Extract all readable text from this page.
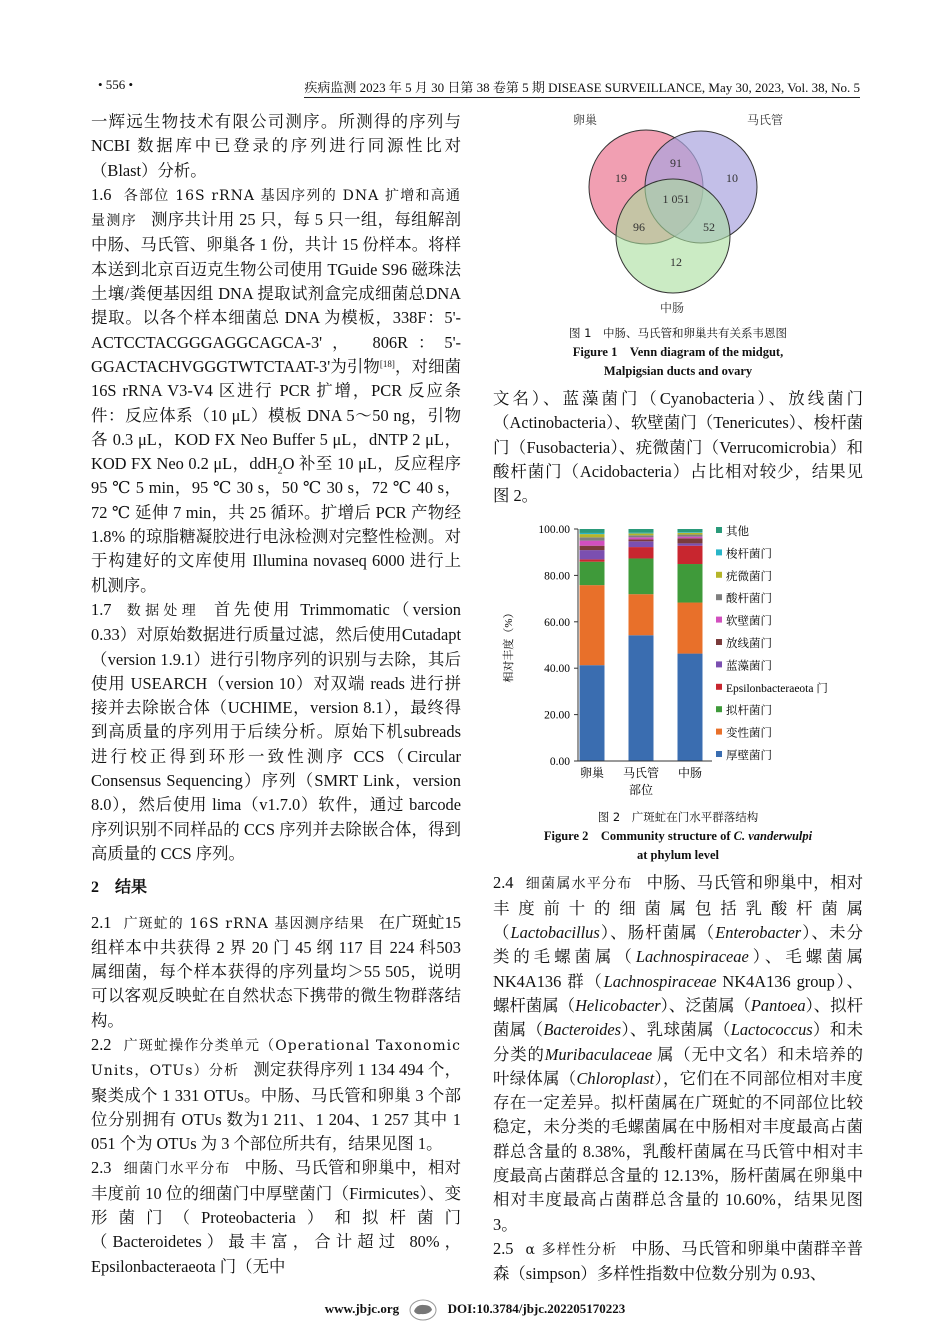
• 556 •	疾病监测 2023 年 5 月 30 日第 38 卷第 5 期 DISEASE SURVEILLANCE, May 30, 2023, Vol. 38, No. 5
一辉远生物技术有限公司测序。所测得的序列与NCBI 数据库中已登录的序列进行同源性比对（Blast）分析。
1.6 各部位 16S rRNA 基因序列的 DNA 扩增和高通量测序 测序共计用 25 只，每 5 只一组，每组解剖中肠、马氏管、卵巢各 1 份，共计 15 份样本。将样本送到北京百迈克生物公司使用 TGuide S96 磁珠法土壤/粪便基因组 DNA 提取试剂盒完成细菌总DNA 提取。以各个样本细菌总 DNA 为模板，338F：5'- ACTCCTACGGGAGGCAGCA-3'， 806R：5'-GGACTACHVGGGTWTCTAAT-3'为引物[18]，对细菌 16S rRNA V3-V4 区进行 PCR 扩增，PCR 反应条件：反应体系（10 μL）模板 DNA 5～50 ng，引物各 0.3 μL，KOD FX Neo Buffer 5 μL，dNTP 2 μL，KOD FX Neo 0.2 μL，ddH$_2$O 补至 10 μL，反应程序 95 ℃ 5 min，95 ℃ 30 s，50 ℃ 30 s，72 ℃ 40 s，72 ℃ 延伸 7 min，共 25 循环。扩增后 PCR 产物经 1.8% 的琼脂糖凝胶进行电泳检测对完整性检测。对于构建好的文库使用 Illumina novaseq 6000 进行上机测序。
1.7 数据处理 首先使用 Trimmomatic（version 0.33）对原始数据进行质量过滤，然后使用Cutadapt（version 1.9.1）进行引物序列的识别与去除，其后使用 USEARCH（version 10）对双端 reads 进行拼接并去除嵌合体（UCHIME，version 8.1），最终得到高质量的序列用于后续分析。原始下机subreads 进行校正得到环形一致性测序 CCS（Circular Consensus Sequencing）序列（SMRT Link，version 8.0），然后使用 lima（v1.7.0）软件，通过 barcode 序列识别不同样品的 CCS 序列并去除嵌合体，得到高质量的 CCS 序列。
2 结果
2.1 广斑虻的 16S rRNA 基因测序结果 在广斑虻15 组样本中共获得 2 界 20 门 45 纲 117 目 224 科503 属细菌，每个样本获得的序列量均＞55 505，说明可以客观反映虻在自然状态下携带的微生物群落结构。
2.2 广斑虻操作分类单元（Operational Taxonomic Units，OTUs）分析 测定获得序列 1 134 494 个，聚类成个 1 331 OTUs。中肠、马氏管和卵巢 3 个部位分别拥有 OTUs 数为1 211、1 204、1 257 其中 1 051 个为 OTUs 为 3 个部位所共有，结果见图 1。
2.3 细菌门水平分布 中肠、马氏管和卵巢中，相对丰度前 10 位的细菌门中厚壁菌门（Firmicutes）、变形菌门（Proteobacteria）和拟杆菌门（Bacteroidetes）最丰富，合计超过 80%，Epsilonbacteraeota 门（无中
卵巢	马氏管
中肠
19
91
10
1 051
96	52
12
图 1　中肠、马氏管和卵巢共有关系韦恩图
Figure 1　Venn diagram of the midgut,
Malpigsian ducts and ovary
文名）、蓝藻菌门（Cyanobacteria）、放线菌门（Actinobacteria）、软壁菌门（Tenericutes）、梭杆菌门（Fusobacteria）、疣微菌门（Verrucomicrobia）和酸杆菌门（Acidobacteria）占比相对较少，结果见图 2。
0.00
20.00
40.00
60.00
80.00
100.00
相对丰度（%）
卵巢 马氏管 中肠
部位
其他
梭杆菌门
疣微菌门
酸杆菌门
软壁菌门
放线菌门
蓝藻菌门
Epsilonbacteraeota 门
拟杆菌门
变性菌门
厚壁菌门
图 2　广斑虻在门水平群落结构
Figure 2　Community structure of C. vanderwulpi
at phylum level
2.4 细菌属水平分布 中肠、马氏管和卵巢中，相对丰度前十的细菌属包括乳酸杆菌属（Lactobacillus）、肠杆菌属（Enterobacter）、未分类的毛螺菌属（Lachnospiraceae）、毛螺菌属 NK4A136 群（Lachnospiraceae NK4A136 group）、螺杆菌属（Helicobacter）、泛菌属（Pantoea）、拟杆菌属（Bacteroides）、乳球菌属（Lactococcus）和未分类的Muribaculaceae 属（无中文名）和未培养的叶绿体属（Chloroplast），它们在不同部位相对丰度存在一定差异。拟杆菌属在广斑虻的不同部位比较稳定，未分类的毛螺菌属在中肠相对丰度最高占菌群总含量的 8.38%，乳酸杆菌属在马氏管中相对丰度最高占菌群总含量的 12.13%，肠杆菌属在卵巢中相对丰度最高占菌群总含量的 10.60%，结果见图 3。
2.5 α 多样性分析 中肠、马氏管和卵巢中菌群辛普森（simpson）多样性指数中位数分别为 0.93、
www.jbjc.org	DOI:10.3784/jbjc.202205170223
